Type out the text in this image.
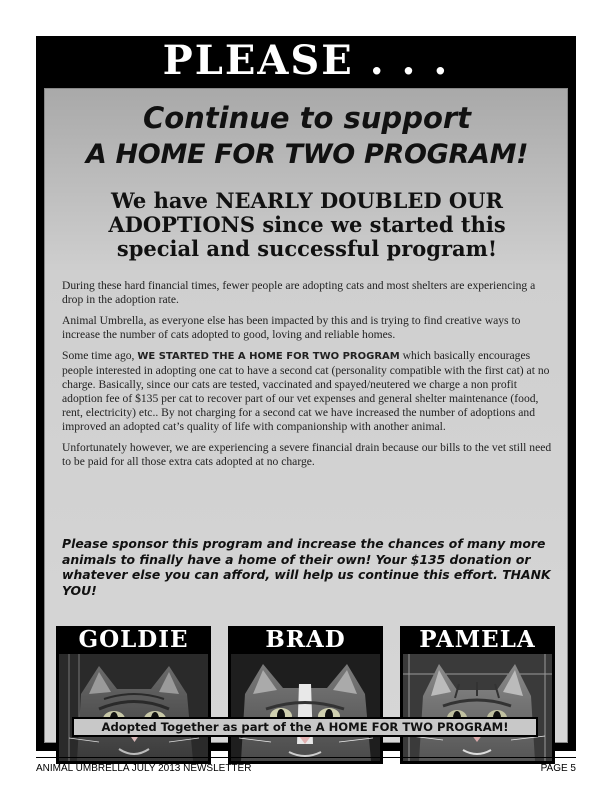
PLEASE . . .
Continue to support
A HOME FOR TWO PROGRAM!
We have NEARLY DOUBLED OUR ADOPTIONS since we started this special and successful program!

During these hard financial times, fewer people are adopting cats and most shelters are experiencing a drop in the adoption rate.

Animal Umbrella, as everyone else has been impacted by this and is trying to find creative ways to increase the number of cats adopted to good, loving and reliable homes.

Some time ago, WE STARTED THE A HOME FOR TWO PROGRAM which basically encourages people interested in adopting one cat to have a second cat (personality compatible with the first cat) at no charge. Basically, since our cats are tested, vaccinated and spayed/neutered we charge a non profit adoption fee of $135 per cat to recover part of our vet expenses and general shelter maintenance (food, rent, electricity) etc.. By not charging for a second cat we have increased the number of adoptions and improved an adopted cat’s quality of life with companionship with another animal.

Unfortunately however, we are experiencing a severe financial drain because our bills to the vet still need to be paid for all those extra cats adopted at no charge.

Please sponsor this program and increase the chances of many more animals to finally have a home of their own! Your $135 donation or whatever else you can afford, will help us continue this effort. THANK YOU!
GOLDIE	BRAD	PAMELA
Adopted Together as part of the A HOME FOR TWO PROGRAM!
ANIMAL UMBRELLA JULY 2013 NEWSLETTER	PAGE 5
